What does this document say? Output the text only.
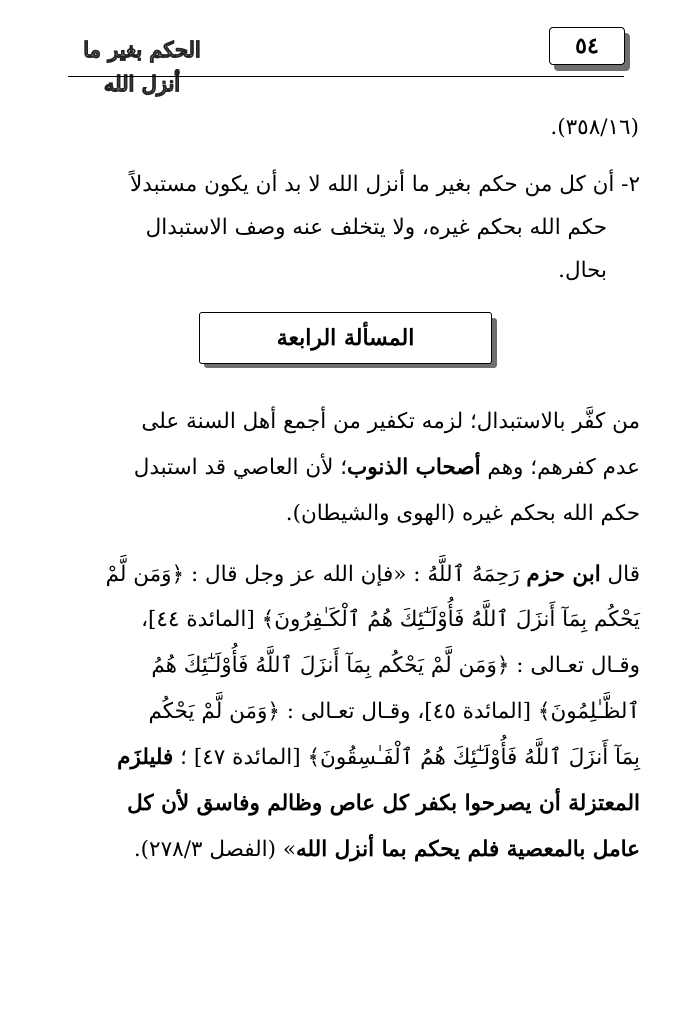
الحكم بغير ما أنزل الله
٥٤
(٣٥٨/١٦).
٢- أن كل من حكم بغير ما أنزل الله لا بد أن يكون مستبدلاً
حكم الله بحكم غيره، ولا يتخلف عنه وصف الاستبدال
بحال.
المسألة الرابعة
من كفَّر بالاستبدال؛ لزمه تكفير من أجمع أهل السنة على
عدم كفرهم؛ وهم أصحاب الذنوب؛ لأن العاصي قد استبدل
حكم الله بحكم غيره (الهوى والشيطان).
قال ابن حزم رَحِمَهُ ٱللَّهُ : «فإن الله عز وجل قال : ﴿وَمَن لَّمْ
يَحْكُم بِمَآ أَنزَلَ ٱللَّهُ فَأُوْلَـٰٓئِكَ هُمُ ٱلْكَـٰفِرُونَ﴾ [المائدة ٤٤]،
وقـال تعـالى : ﴿وَمَن لَّمْ يَحْكُم بِمَآ أَنزَلَ ٱللَّهُ فَأُوْلَـٰٓئِكَ هُمُ
ٱلظَّـٰلِمُونَ﴾ [المائدة ٤٥]، وقـال تعـالى : ﴿وَمَن لَّمْ يَحْكُم
بِمَآ أَنزَلَ ٱللَّهُ فَأُوْلَـٰٓئِكَ هُمُ ٱلْفَـٰسِقُونَ﴾ [المائدة ٤٧] ؛ فليلزَم
المعتزلة أن يصرحوا بكفر كل عاص وظالم وفاسق لأن كل
عامل بالمعصية فلم يحكم بما أنزل الله» (الفصل ٢٧٨/٣).
